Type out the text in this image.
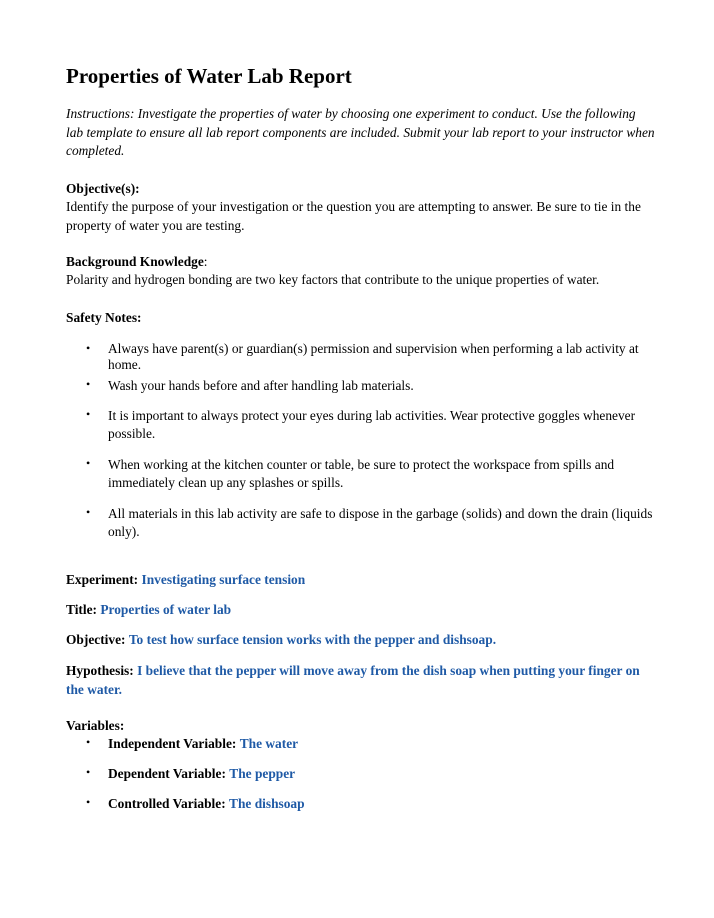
Properties of Water Lab Report

Instructions: Investigate the properties of water by choosing one experiment to conduct. Use the following lab template to ensure all lab report components are included. Submit your lab report to your instructor when completed.

Objective(s):

Identify the purpose of your investigation or the question you are attempting to answer. Be sure to tie in the property of water you are testing.

Background Knowledge:

Polarity and hydrogen bonding are two key factors that contribute to the unique properties of water.

Safety Notes:
• Always have parent(s) or guardian(s) permission and supervision when performing a lab activity at home.

• Wash your hands before and after handling lab materials.

• It is important to always protect your eyes during lab activities. Wear protective goggles whenever possible.

• When working at the kitchen counter or table, be sure to protect the workspace from spills and immediately clean up any splashes or spills.

• All materials in this lab activity are safe to dispose in the garbage (solids) and down the drain (liquids only).

Experiment: Investigating surface tension
Title: Properties of water lab
Objective: To test how surface tension works with the pepper and dishsoap.
Hypothesis: I believe that the pepper will move away from the dish soap when putting your finger on the water.
Variables:
• Independent Variable: The water
• Dependent Variable: The pepper
• Controlled Variable: The dishsoap
